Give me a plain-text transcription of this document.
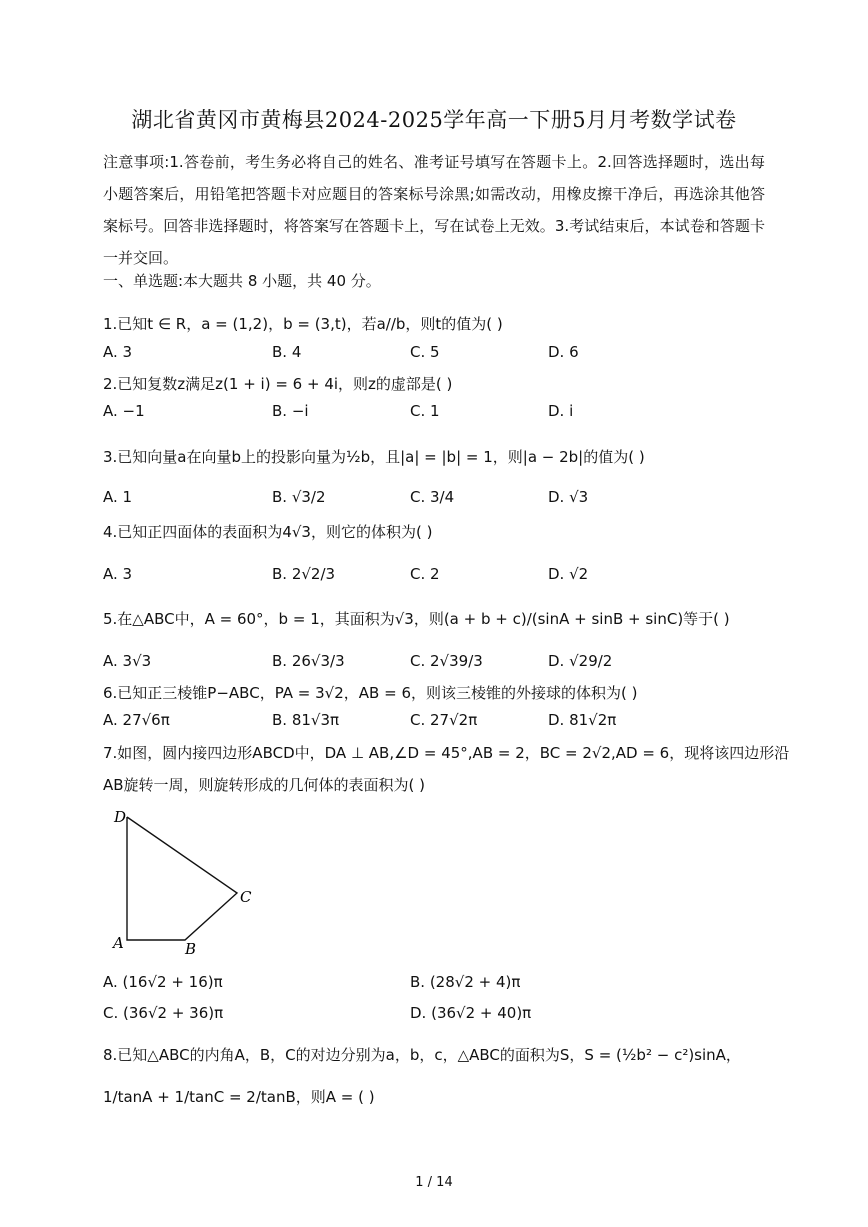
湖北省黄冈市黄梅县2024-2025学年高一下册5月月考数学试卷
注意事项:1.答卷前，考生务必将自己的姓名、准考证号填写在答题卡上。2.回答选择题时，选出每小题答案后，用铅笔把答题卡对应题目的答案标号涂黑;如需改动，用橡皮擦干净后，再选涂其他答案标号。回答非选择题时，将答案写在答题卡上，写在试卷上无效。3.考试结束后，本试卷和答题卡一并交回。
一、单选题:本大题共 8 小题，共 40 分。
1.已知t ∈ R，a = (1,2)，b = (3,t)，若a//b，则t的值为( )
A. 3	B. 4	C. 5	D. 6
2.已知复数z满足z(1 + i) = 6 + 4i，则z的虚部是( )
A. −1	B. −i	C. 1	D. i
3.已知向量a在向量b上的投影向量为½b，且|a| = |b| = 1，则|a − 2b|的值为( )
A. 1	B. √3/2	C. 3/4	D. √3
4.已知正四面体的表面积为4√3，则它的体积为( )
A. 3	B. 2√2/3	C. 2	D. √2
5.在△ABC中，A = 60°，b = 1，其面积为√3，则(a + b + c)/(sinA + sinB + sinC)等于( )
A. 3√3	B. 26√3/3	C. 2√39/3	D. √29/2
6.已知正三棱锥P−ABC，PA = 3√2，AB = 6，则该三棱锥的外接球的体积为( )
A. 27√6π	B. 81√3π	C. 27√2π	D. 81√2π
7.如图，圆内接四边形ABCD中，DA ⊥ AB,∠D = 45°,AB = 2，BC = 2√2,AD = 6，现将该四边形沿
AB旋转一周，则旋转形成的几何体的表面积为( )
D
C
A	B
A. (16√2 + 16)π	B. (28√2 + 4)π
C. (36√2 + 36)π	D. (36√2 + 40)π
8.已知△ABC的内角A，B，C的对边分别为a，b，c，△ABC的面积为S，S = (½b² − c²)sinA，
1/tanA + 1/tanC = 2/tanB，则A = ( )
1 / 14
